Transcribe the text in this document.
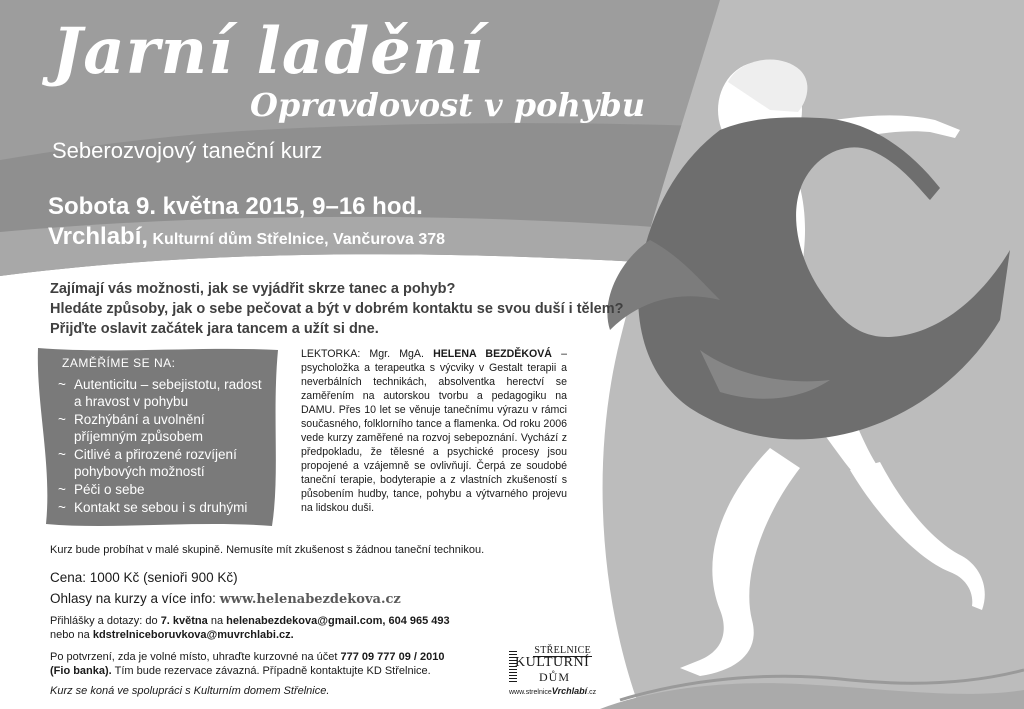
Jarní ladění
Opravdovost v pohybu
Seberozvojový taneční kurz
Sobota 9. května 2015, 9–16 hod.
Vrchlabí, Kulturní dům Střelnice, Vančurova 378
Zajímají vás možnosti, jak se vyjádřit skrze tanec a pohyb?
Hledáte způsoby, jak o sebe pečovat a být v dobrém kontaktu se svou duší i tělem?
Přijďte oslavit začátek jara tancem a užít si dne.
ZAMĚŘÍME SE NA:
~ Autenticitu – sebejistotu, radost a hravost v pohybu
~ Rozhýbání a uvolnění příjemným způsobem
~ Citlivé a přirozené rozvíjení pohybových možností
~ Péči o sebe
~ Kontakt se sebou i s druhými
LEKTORKA: Mgr. MgA. HELENA BEZDĚKOVÁ – psycholožka a terapeutka s výcviky v Gestalt terapii a neverbálních technikách, absolventka herectví se zaměřením na autorskou tvorbu a pedagogiku na DAMU. Přes 10 let se věnuje tanečnímu výrazu v rámci současného, folklorního tance a flamenka. Od roku 2006 vede kurzy zaměřené na rozvoj sebepoznání. Vychází z předpokladu, že tělesné a psychické procesy jsou propojené a vzájemně se ovlivňují. Čerpá ze soudobé taneční terapie, bodyterapie a z vlastních zkušeností s působením hudby, tance, pohybu a výtvarného projevu na lidskou duši.
Kurz bude probíhat v malé skupině. Nemusíte mít zkušenost s žádnou taneční technikou.
Cena: 1000 Kč (senioři 900 Kč)
Ohlasy na kurzy a více info: www.helenabezdekova.cz
Přihlášky a dotazy: do 7. května na helenabezdekova@gmail.com, 604 965 493
nebo na kdstrelniceboruvkova@muvrchlabi.cz.
Po potvrzení, zda je volné místo, uhraďte kurzovné na účet 777 09 777 09 / 2010
(Fio banka). Tím bude rezervace závazná. Případně kontaktujte KD Střelnice.
Kurz se koná ve spolupráci s Kulturním domem Střelnice.
STŘELNICE
KULTURNÍ
DŮM
www.strelniceVrchlabí.cz
